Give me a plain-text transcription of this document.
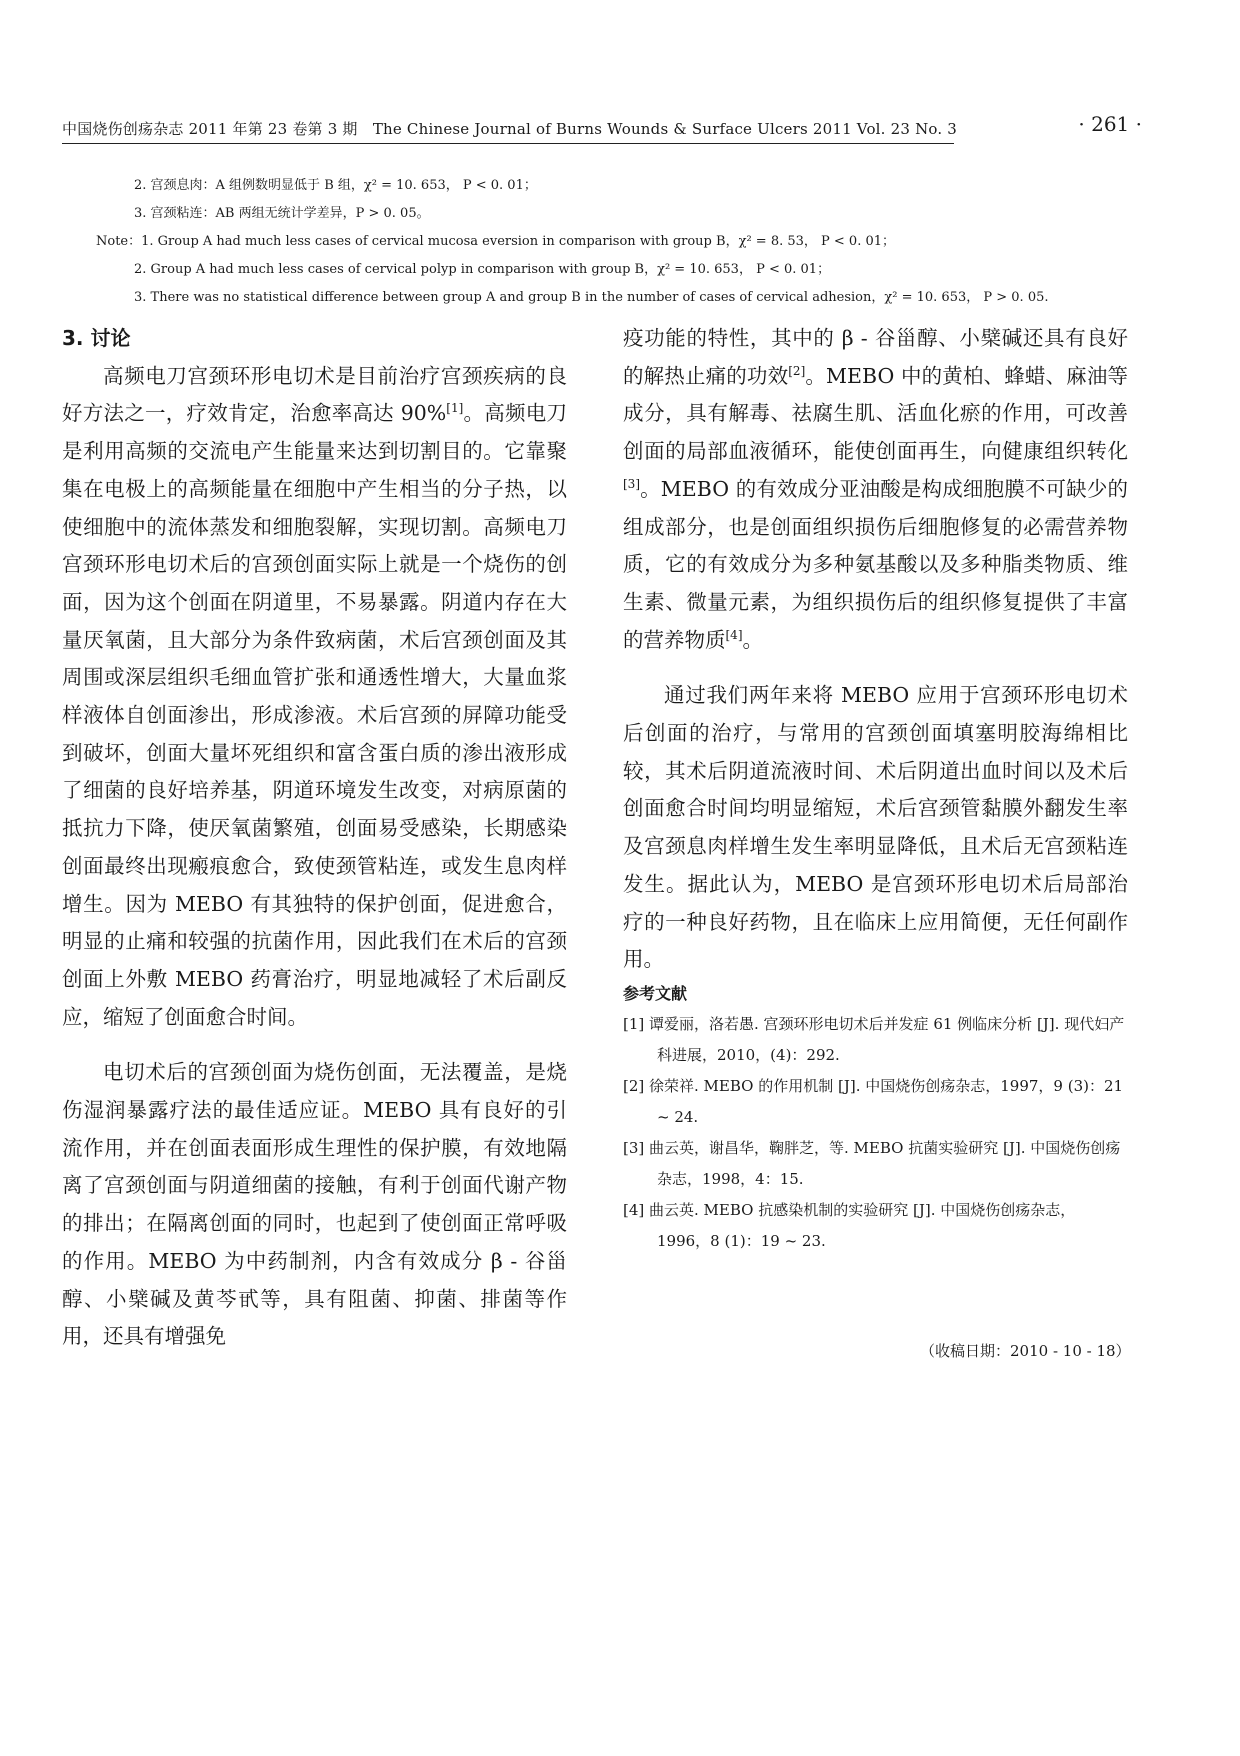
中国烧伤创疡杂志 2011 年第 23 卷第 3 期　The Chinese Journal of Burns Wounds & Surface Ulcers 2011 Vol. 23 No. 3	· 261 ·
2. 宫颈息肉：A 组例数明显低于 B 组，χ² = 10. 653， P < 0. 01；
3. 宫颈粘连：AB 两组无统计学差异，P > 0. 05。
Note：1. Group A had much less cases of cervical mucosa eversion in comparison with group B，χ² = 8. 53， P < 0. 01；
2. Group A had much less cases of cervical polyp in comparison with group B，χ² = 10. 653， P < 0. 01；
3. There was no statistical difference between group A and group B in the number of cases of cervical adhesion，χ² = 10. 653， P > 0. 05.

3. 讨论

高频电刀宫颈环形电切术是目前治疗宫颈疾病的良好方法之一，疗效肯定，治愈率高达 90%[1]。高频电刀是利用高频的交流电产生能量来达到切割目的。它靠聚集在电极上的高频能量在细胞中产生相当的分子热，以使细胞中的流体蒸发和细胞裂解，实现切割。高频电刀宫颈环形电切术后的宫颈创面实际上就是一个烧伤的创面，因为这个创面在阴道里，不易暴露。阴道内存在大量厌氧菌，且大部分为条件致病菌，术后宫颈创面及其周围或深层组织毛细血管扩张和通透性增大，大量血浆样液体自创面渗出，形成渗液。术后宫颈的屏障功能受到破坏，创面大量坏死组织和富含蛋白质的渗出液形成了细菌的良好培养基，阴道环境发生改变，对病原菌的抵抗力下降，使厌氧菌繁殖，创面易受感染，长期感染创面最终出现瘢痕愈合，致使颈管粘连，或发生息肉样增生。因为 MEBO 有其独特的保护创面，促进愈合，明显的止痛和较强的抗菌作用，因此我们在术后的宫颈创面上外敷 MEBO 药膏治疗，明显地减轻了术后副反应，缩短了创面愈合时间。

电切术后的宫颈创面为烧伤创面，无法覆盖，是烧伤湿润暴露疗法的最佳适应证。MEBO 具有良好的引流作用，并在创面表面形成生理性的保护膜，有效地隔离了宫颈创面与阴道细菌的接触，有利于创面代谢产物的排出；在隔离创面的同时，也起到了使创面正常呼吸的作用。MEBO 为中药制剂，内含有效成分 β - 谷甾醇、小檗碱及黄芩甙等，具有阻菌、抑菌、排菌等作用，还具有增强免

疫功能的特性，其中的 β - 谷甾醇、小檗碱还具有良好的解热止痛的功效[2]。MEBO 中的黄柏、蜂蜡、麻油等成分，具有解毒、祛腐生肌、活血化瘀的作用，可改善创面的局部血液循环，能使创面再生，向健康组织转化[3]。MEBO 的有效成分亚油酸是构成细胞膜不可缺少的组成部分，也是创面组织损伤后细胞修复的必需营养物质，它的有效成分为多种氨基酸以及多种脂类物质、维生素、微量元素，为组织损伤后的组织修复提供了丰富的营养物质[4]。

通过我们两年来将 MEBO 应用于宫颈环形电切术后创面的治疗，与常用的宫颈创面填塞明胶海绵相比较，其术后阴道流液时间、术后阴道出血时间以及术后创面愈合时间均明显缩短，术后宫颈管黏膜外翻发生率及宫颈息肉样增生发生率明显降低，且术后无宫颈粘连发生。据此认为，MEBO 是宫颈环形电切术后局部治疗的一种良好药物，且在临床上应用简便，无任何副作用。

参考文献

[1] 谭爱丽，洛若愚. 宫颈环形电切术后并发症 61 例临床分析 [J]. 现代妇产科进展，2010，(4)：292.

[2] 徐荣祥. MEBO 的作用机制 [J]. 中国烧伤创疡杂志，1997，9 (3)：21 ~ 24.

[3] 曲云英，谢昌华，鞠胖芝，等. MEBO 抗菌实验研究 [J]. 中国烧伤创疡杂志，1998，4：15.

[4] 曲云英. MEBO 抗感染机制的实验研究 [J]. 中国烧伤创疡杂志，1996，8 (1)：19 ~ 23.

（收稿日期：2010 - 10 - 18）
